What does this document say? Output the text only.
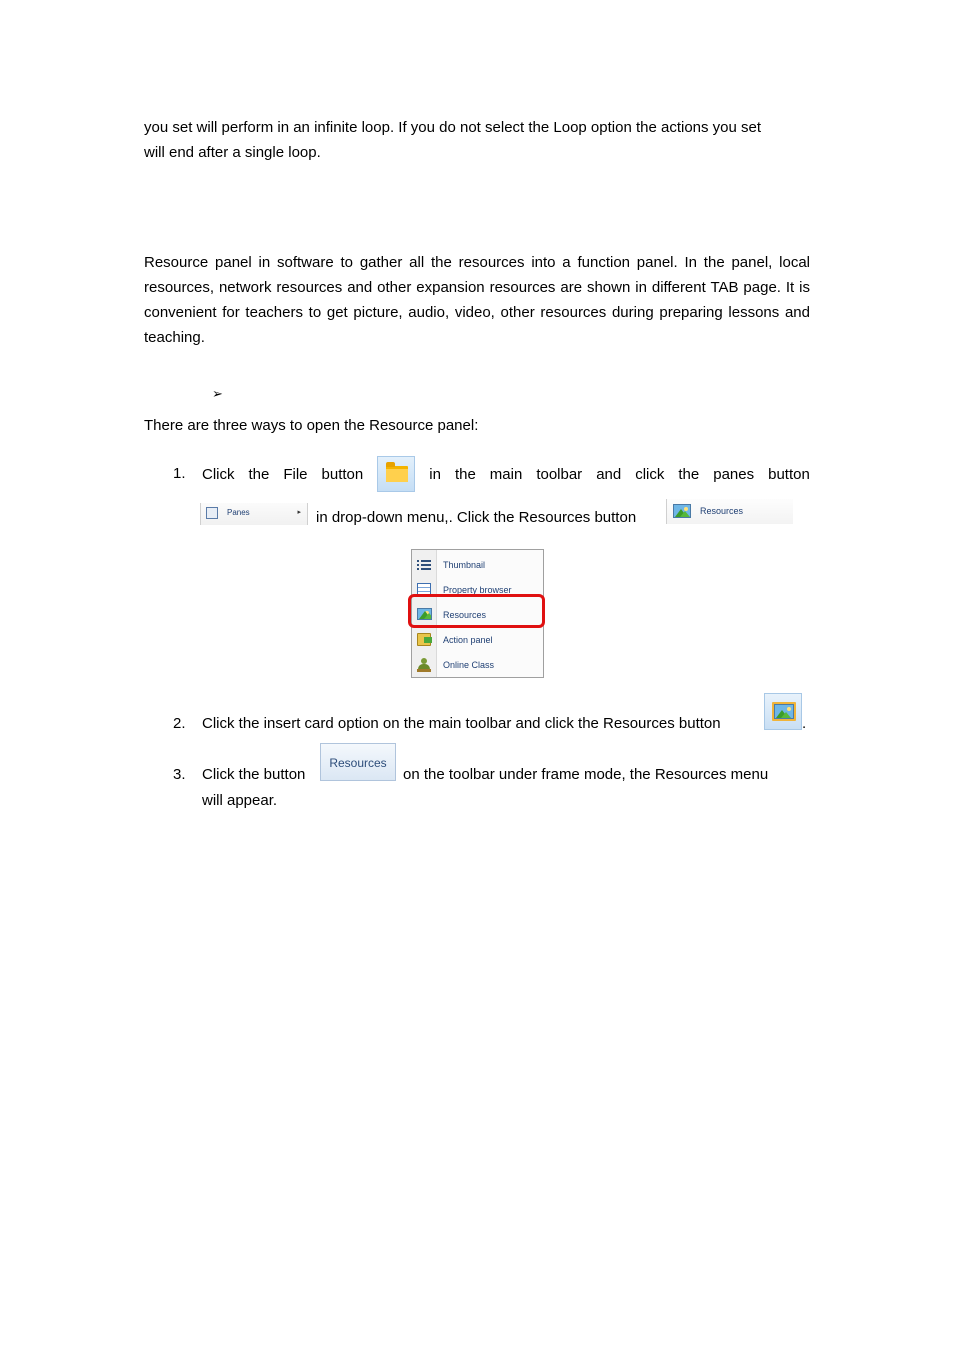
you set will perform in an infinite loop. If you do not select the Loop option the actions you set
will end after a single loop.

Resource panel in software to gather all the resources into a function panel. In the panel, local resources, network resources and other expansion resources are shown in different TAB page. It is convenient for teachers to get picture, audio, video, other resources during preparing lessons and teaching.

➢
There are three ways to open the Resource panel:
1. Click the File button	in the main toolbar and click the panes button
Panes	▸ in drop-down menu,. Click the Resources button	Resources
Thumbnail
Property browser
Resources
Action panel
Online Class
2. Click the insert card option on the main toolbar and click the Resources button	.
3. Click the button
Resources
on the toolbar under frame mode, the Resources menu
will appear.
